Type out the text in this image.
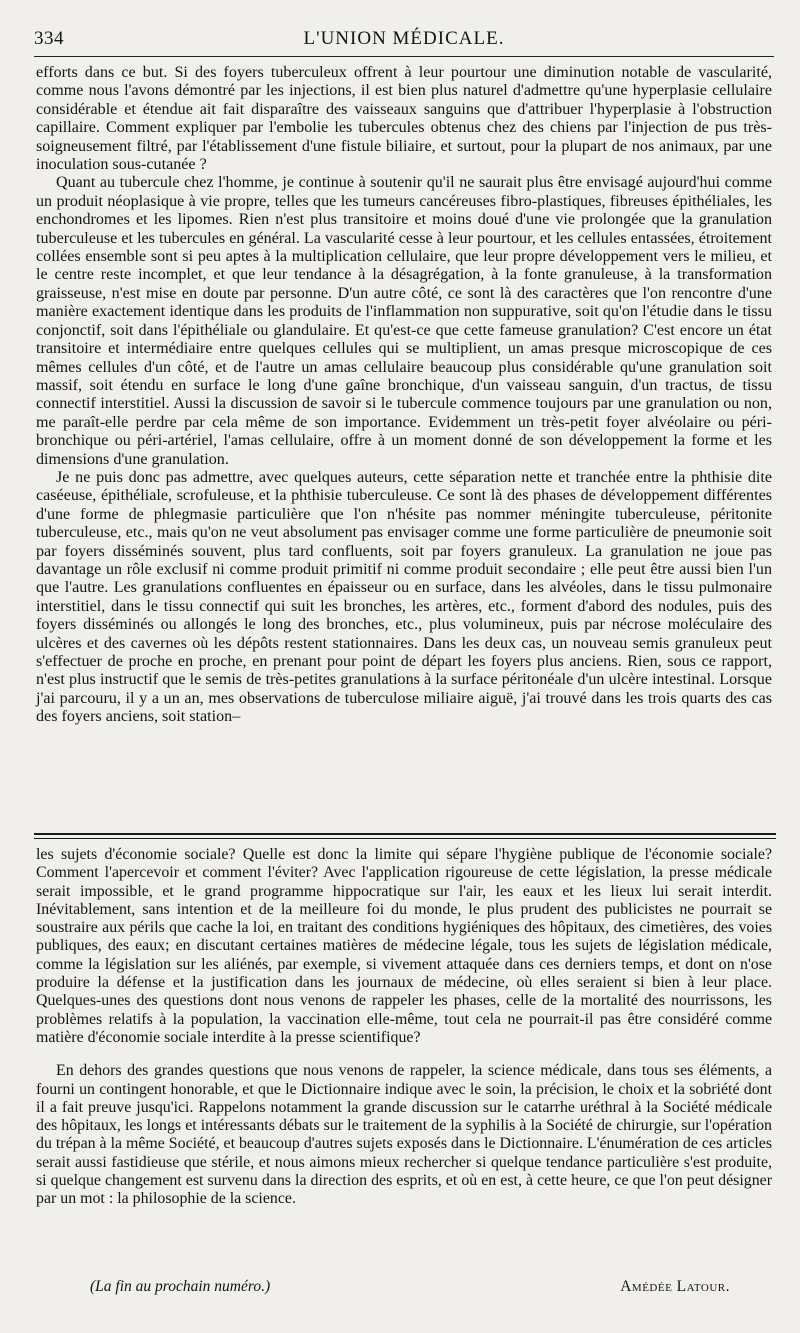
334	L'UNION MÉDICALE.

efforts dans ce but. Si des foyers tuberculeux offrent à leur pourtour une diminution notable de vascularité, comme nous l'avons démontré par les injections, il est bien plus naturel d'admettre qu'une hyperplasie cellulaire considérable et étendue ait fait disparaître des vaisseaux sanguins que d'attribuer l'hyperplasie à l'obstruction capillaire. Comment expliquer par l'embolie les tubercules obtenus chez des chiens par l'injection de pus très-soigneusement filtré, par l'établissement d'une fistule biliaire, et surtout, pour la plupart de nos animaux, par une inoculation sous-cutanée ?

Quant au tubercule chez l'homme, je continue à soutenir qu'il ne saurait plus être envisagé aujourd'hui comme un produit néoplasique à vie propre, telles que les tumeurs cancéreuses fibro-plastiques, fibreuses épithéliales, les enchondromes et les lipomes. Rien n'est plus transitoire et moins doué d'une vie prolongée que la granulation tuberculeuse et les tubercules en général. La vascularité cesse à leur pourtour, et les cellules entassées, étroitement collées ensemble sont si peu aptes à la multiplication cellulaire, que leur propre développement vers le milieu, et le centre reste incomplet, et que leur tendance à la désagrégation, à la fonte granuleuse, à la transformation graisseuse, n'est mise en doute par personne. D'un autre côté, ce sont là des caractères que l'on rencontre d'une manière exactement identique dans les produits de l'inflammation non suppurative, soit qu'on l'étudie dans le tissu conjonctif, soit dans l'épithéliale ou glandulaire. Et qu'est-ce que cette fameuse granulation? C'est encore un état transitoire et intermédiaire entre quelques cellules qui se multiplient, un amas presque microscopique de ces mêmes cellules d'un côté, et de l'autre un amas cellulaire beaucoup plus considérable qu'une granulation soit massif, soit étendu en surface le long d'une gaîne bronchique, d'un vaisseau sanguin, d'un tractus, de tissu connectif interstitiel. Aussi la discussion de savoir si le tubercule commence toujours par une granulation ou non, me paraît-elle perdre par cela même de son importance. Evidemment un très-petit foyer alvéolaire ou péri-bronchique ou péri-artériel, l'amas cellulaire, offre à un moment donné de son développement la forme et les dimensions d'une granulation.

Je ne puis donc pas admettre, avec quelques auteurs, cette séparation nette et tranchée entre la phthisie dite caséeuse, épithéliale, scrofuleuse, et la phthisie tuberculeuse. Ce sont là des phases de développement différentes d'une forme de phlegmasie particulière que l'on n'hésite pas nommer méningite tuberculeuse, péritonite tuberculeuse, etc., mais qu'on ne veut absolument pas envisager comme une forme particulière de pneumonie soit par foyers disséminés souvent, plus tard confluents, soit par foyers granuleux. La granulation ne joue pas davantage un rôle exclusif ni comme produit primitif ni comme produit secondaire ; elle peut être aussi bien l'un que l'autre. Les granulations confluentes en épaisseur ou en surface, dans les alvéoles, dans le tissu pulmonaire interstitiel, dans le tissu connectif qui suit les bronches, les artères, etc., forment d'abord des nodules, puis des foyers disséminés ou allongés le long des bronches, etc., plus volumineux, puis par nécrose moléculaire des ulcères et des cavernes où les dépôts restent stationnaires. Dans les deux cas, un nouveau semis granuleux peut s'effectuer de proche en proche, en prenant pour point de départ les foyers plus anciens. Rien, sous ce rapport, n'est plus instructif que le semis de très-petites granulations à la surface péritonéale d'un ulcère intestinal. Lorsque j'ai parcouru, il y a un an, mes observations de tuberculose miliaire aiguë, j'ai trouvé dans les trois quarts des cas des foyers anciens, soit station–

les sujets d'économie sociale? Quelle est donc la limite qui sépare l'hygiène publique de l'économie sociale? Comment l'apercevoir et comment l'éviter? Avec l'application rigoureuse de cette législation, la presse médicale serait impossible, et le grand programme hippocratique sur l'air, les eaux et les lieux lui serait interdit. Inévitablement, sans intention et de la meilleure foi du monde, le plus prudent des publicistes ne pourrait se soustraire aux périls que cache la loi, en traitant des conditions hygiéniques des hôpitaux, des cimetières, des voies publiques, des eaux; en discutant certaines matières de médecine légale, tous les sujets de législation médicale, comme la législation sur les aliénés, par exemple, si vivement attaquée dans ces derniers temps, et dont on n'ose produire la défense et la justification dans les journaux de médecine, où elles seraient si bien à leur place. Quelques-unes des questions dont nous venons de rappeler les phases, celle de la mortalité des nourrissons, les problèmes relatifs à la population, la vaccination elle-même, tout cela ne pourrait-il pas être considéré comme matière d'économie sociale interdite à la presse scientifique?

En dehors des grandes questions que nous venons de rappeler, la science médicale, dans tous ses éléments, a fourni un contingent honorable, et que le Dictionnaire indique avec le soin, la précision, le choix et la sobriété dont il a fait preuve jusqu'ici. Rappelons notamment la grande discussion sur le catarrhe uréthral à la Société médicale des hôpitaux, les longs et intéressants débats sur le traitement de la syphilis à la Société de chirurgie, sur l'opération du trépan à la même Société, et beaucoup d'autres sujets exposés dans le Dictionnaire. L'énumération de ces articles serait aussi fastidieuse que stérile, et nous aimons mieux rechercher si quelque tendance particulière s'est produite, si quelque changement est survenu dans la direction des esprits, et où en est, à cette heure, ce que l'on peut désigner par un mot : la philosophie de la science.

(La fin au prochain numéro.)	Amédée Latour.
